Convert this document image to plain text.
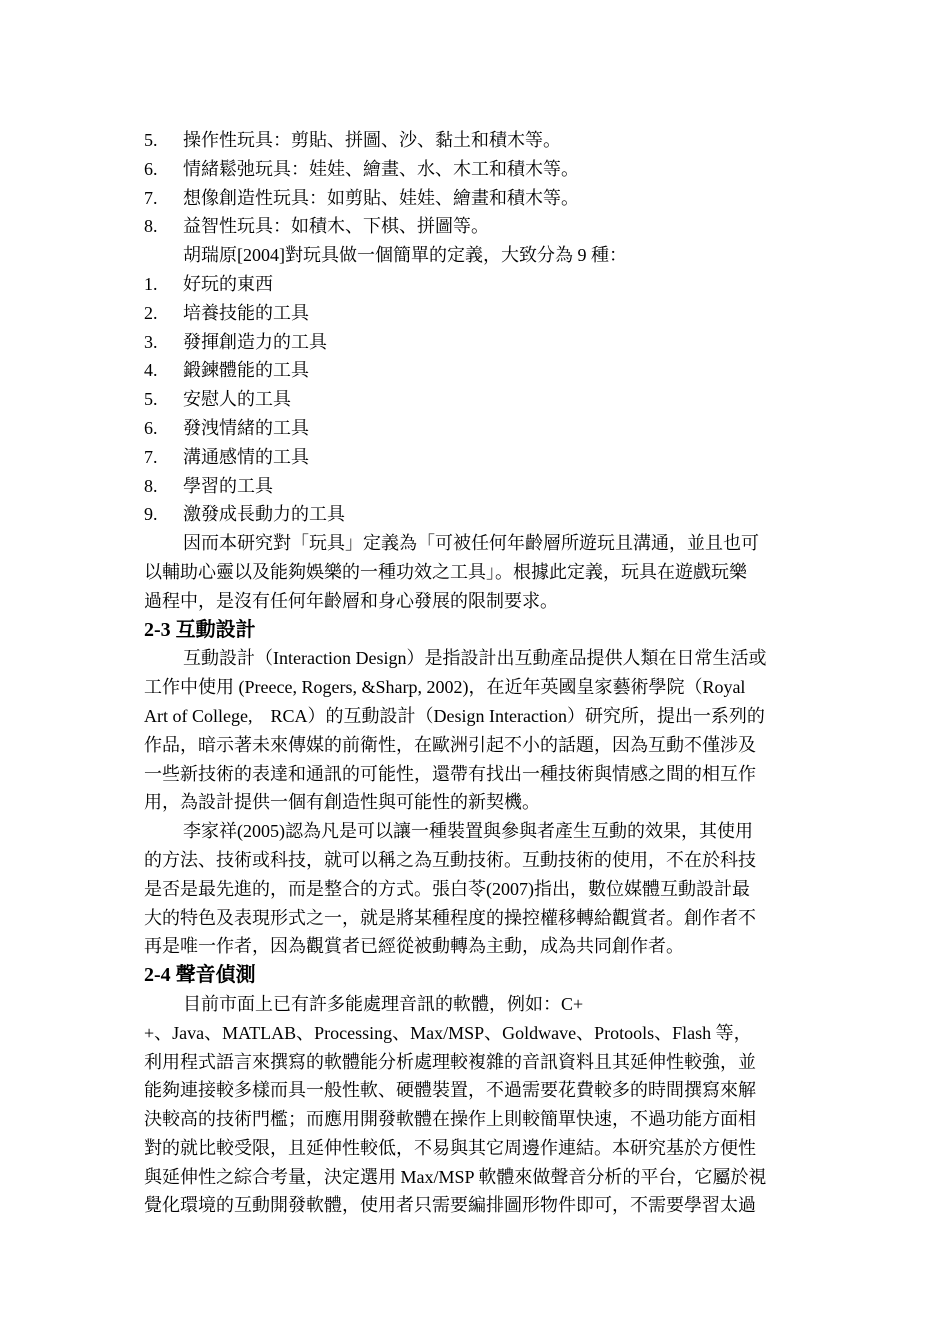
5.	操作性玩具：剪貼、拼圖、沙、黏土和積木等。
6.	情緒鬆弛玩具：娃娃、繪畫、水、木工和積木等。
7.	想像創造性玩具：如剪貼、娃娃、繪畫和積木等。
8.	益智性玩具：如積木、下棋、拼圖等。
胡瑞原[2004]對玩具做一個簡單的定義，大致分為 9 種：
1.	好玩的東西
2.	培養技能的工具
3.	發揮創造力的工具
4.	鍛鍊體能的工具
5.	安慰人的工具
6.	發洩情緒的工具
7.	溝通感情的工具
8.	學習的工具
9.	激發成長動力的工具
因而本研究對「玩具」定義為「可被任何年齡層所遊玩且溝通，並且也可
以輔助心靈以及能夠娛樂的一種功效之工具」。根據此定義，玩具在遊戲玩樂
過程中，是沒有任何年齡層和身心發展的限制要求。
2-3 互動設計
互動設計（Interaction Design）是指設計出互動產品提供人類在日常生活或
工作中使用 (Preece, Rogers, &Sharp, 2002)，在近年英國皇家藝術學院（Royal
Art of College,　RCA）的互動設計（Design Interaction）研究所，提出一系列的
作品，暗示著未來傳媒的前衛性，在歐洲引起不小的話題，因為互動不僅涉及
一些新技術的表達和通訊的可能性，還帶有找出一種技術與情感之間的相互作
用，為設計提供一個有創造性與可能性的新契機。
李家祥(2005)認為凡是可以讓一種裝置與參與者產生互動的效果，其使用
的方法、技術或科技，就可以稱之為互動技術。互動技術的使用，不在於科技
是否是最先進的，而是整合的方式。張白苓(2007)指出，數位媒體互動設計最
大的特色及表現形式之一，就是將某種程度的操控權移轉給觀賞者。創作者不
再是唯一作者，因為觀賞者已經從被動轉為主動，成為共同創作者。
2-4 聲音偵測
目前市面上已有許多能處理音訊的軟體，例如：C+
+、Java、MATLAB、Processing、Max/MSP、Goldwave、Protools、Flash 等，
利用程式語言來撰寫的軟體能分析處理較複雜的音訊資料且其延伸性較強，並
能夠連接較多樣而具一般性軟、硬體裝置，不過需要花費較多的時間撰寫來解
決較高的技術門檻；而應用開發軟體在操作上則較簡單快速，不過功能方面相
對的就比較受限，且延伸性較低，不易與其它周邊作連結。本研究基於方便性
與延伸性之綜合考量，決定選用 Max/MSP 軟體來做聲音分析的平台，它屬於視
覺化環境的互動開發軟體，使用者只需要編排圖形物件即可，不需要學習太過
